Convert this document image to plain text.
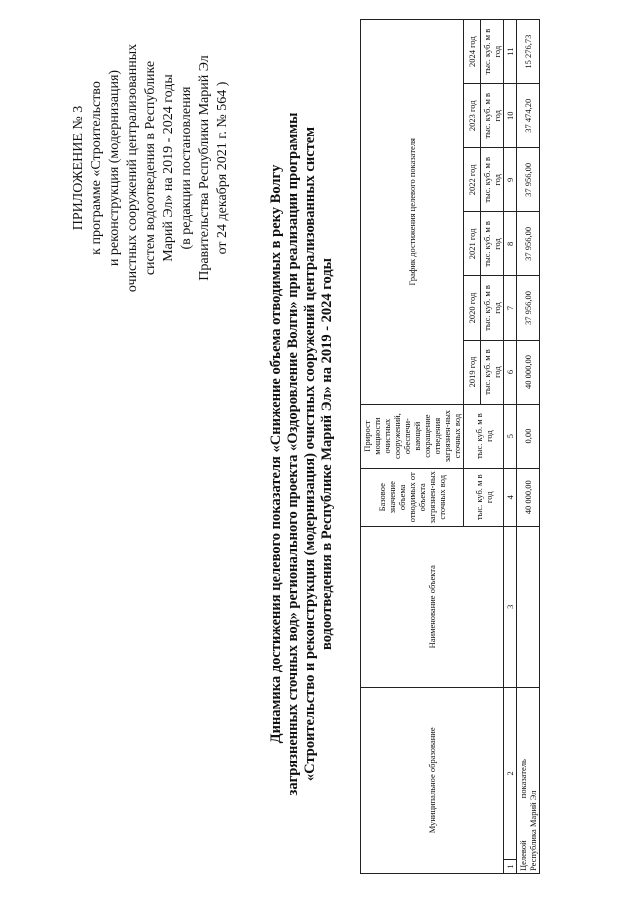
ПРИЛОЖЕНИЕ № 3 к программе «Строительство и реконструкция (модернизация) очистных сооружений централизованных систем водоотведения в Республике Марий Эл» на 2019 - 2024 годы (в редакции постановления Правительства Республики Марий Эл от 24 декабря 2021 г. № 564 )	Динамика достижения целевого показателя «Снижение объема отводимых в реку Волгу загрязненных сточных вод» регионального проекта «Оздоровление Волги» при реализации программы «Строительство и реконструкция (модернизация) очистных сооружений централизованных систем водоотведения в Республике Марий Эл» на 2019 - 2024 годы
Муниципальное образование		Наименование объекта	Базовое значение объема отводимых от объекта загрязнен-ных сточных вод	Прирост мощности очистных сооружений, обеспечи-вающей сокращение отведения загрязнен-ных сточных вод	График достижения целевого показателя					
			тыс. куб. м в год	тыс. куб. м в год	2019 год	2020 год	2021 год	2022 год	2023 год	2024 год
					тыс. куб. м в год	тыс. куб. м в год	тыс. куб. м в год	тыс. куб. м в год	тыс. куб. м в год	тыс. куб. м в год
1	2	3	4	5	6	7	8	9	10	11
Целевой показатель
Республика Марий Эл			40 000,00	0,00	40 000,00	37 956,00	37 956,00	37 956,00	37 474,20	15 276,73
